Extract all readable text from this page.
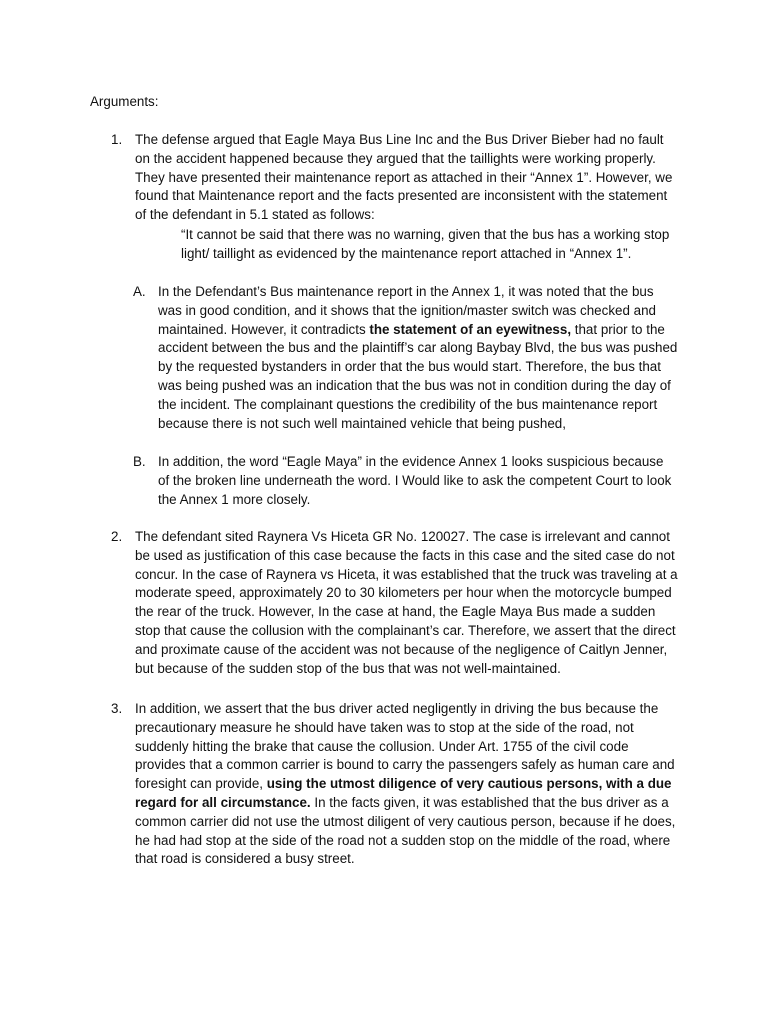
Arguments:
1. The defense argued that Eagle Maya Bus Line Inc and the Bus Driver Bieber had no fault on the accident happened because they argued that the taillights were working properly. They have presented their maintenance report as attached in their “Annex 1”. However, we found that Maintenance report and the facts presented are inconsistent with the statement of the defendant in 5.1 stated as follows:
“It cannot be said that there was no warning, given that the bus has a working stop light/ taillight as evidenced by the maintenance report attached in “Annex 1”.
A. In the Defendant’s Bus maintenance report in the Annex 1, it was noted that the bus was in good condition, and it shows that the ignition/master switch was checked and maintained. However, it contradicts the statement of an eyewitness, that prior to the accident between the bus and the plaintiff’s car along Baybay Blvd, the bus was pushed by the requested bystanders in order that the bus would start. Therefore, the bus that was being pushed was an indication that the bus was not in condition during the day of the incident. The complainant questions the credibility of the bus maintenance report because there is not such well maintained vehicle that being pushed,
B. In addition, the word “Eagle Maya” in the evidence Annex 1 looks suspicious because of the broken line underneath the word. I Would like to ask the competent Court to look the Annex 1 more closely.
2. The defendant sited Raynera Vs Hiceta GR No. 120027. The case is irrelevant and cannot be used as justification of this case because the facts in this case and the sited case do not concur. In the case of Raynera vs Hiceta, it was established that the truck was traveling at a moderate speed, approximately 20 to 30 kilometers per hour when the motorcycle bumped the rear of the truck. However, In the case at hand, the Eagle Maya Bus made a sudden stop that cause the collusion with the complainant’s car. Therefore, we assert that the direct and proximate cause of the accident was not because of the negligence of Caitlyn Jenner, but because of the sudden stop of the bus that was not well-maintained.
3. In addition, we assert that the bus driver acted negligently in driving the bus because the precautionary measure he should have taken was to stop at the side of the road, not suddenly hitting the brake that cause the collusion. Under Art. 1755 of the civil code provides that a common carrier is bound to carry the passengers safely as human care and foresight can provide, using the utmost diligence of very cautious persons, with a due regard for all circumstance. In the facts given, it was established that the bus driver as a common carrier did not use the utmost diligent of very cautious person, because if he does, he had had stop at the side of the road not a sudden stop on the middle of the road, where that road is considered a busy street.
